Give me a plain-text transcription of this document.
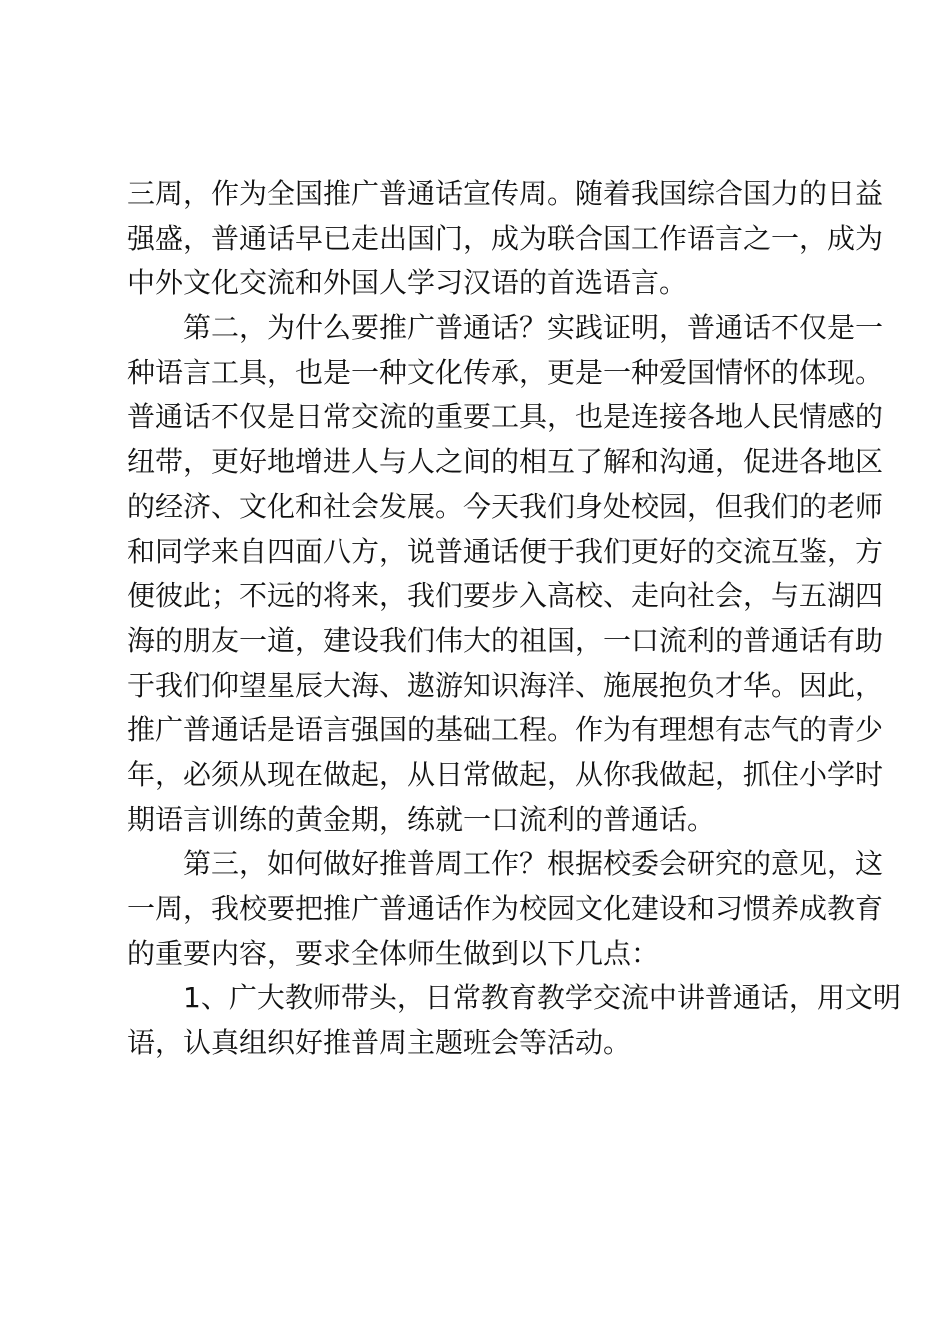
三周，作为全国推广普通话宣传周。随着我国综合国力的日益
强盛，普通话早已走出国门，成为联合国工作语言之一，成为
中外文化交流和外国人学习汉语的首选语言。
第二，为什么要推广普通话？实践证明，普通话不仅是一
种语言工具，也是一种文化传承，更是一种爱国情怀的体现。
普通话不仅是日常交流的重要工具，也是连接各地人民情感的
纽带，更好地增进人与人之间的相互了解和沟通，促进各地区
的经济、文化和社会发展。今天我们身处校园，但我们的老师
和同学来自四面八方，说普通话便于我们更好的交流互鉴，方
便彼此；不远的将来，我们要步入高校、走向社会，与五湖四
海的朋友一道，建设我们伟大的祖国，一口流利的普通话有助
于我们仰望星辰大海、遨游知识海洋、施展抱负才华。因此，
推广普通话是语言强国的基础工程。作为有理想有志气的青少
年，必须从现在做起，从日常做起，从你我做起，抓住小学时
期语言训练的黄金期，练就一口流利的普通话。
第三，如何做好推普周工作？根据校委会研究的意见，这
一周，我校要把推广普通话作为校园文化建设和习惯养成教育
的重要内容，要求全体师生做到以下几点：
1、广大教师带头，日常教育教学交流中讲普通话，用文明
语，认真组织好推普周主题班会等活动。
